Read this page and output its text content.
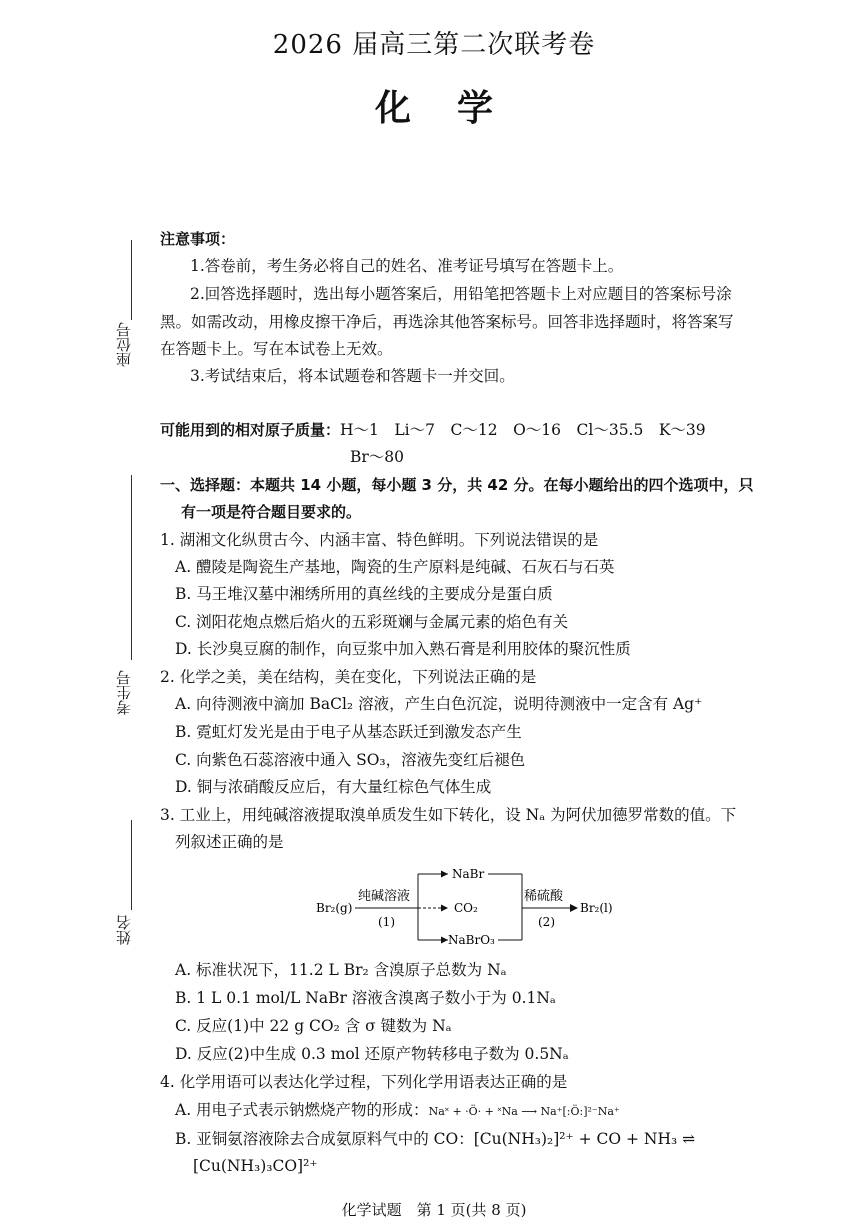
2026 届高三第二次联考卷
化学
座位号
考生号
姓名
注意事项：
1.答卷前，考生务必将自己的姓名、准考证号填写在答题卡上。
2.回答选择题时，选出每小题答案后，用铅笔把答题卡上对应题目的答案标号涂
黑。如需改动，用橡皮擦干净后，再选涂其他答案标号。回答非选择题时，将答案写
在答题卡上。写在本试卷上无效。
3.考试结束后，将本试题卷和答题卡一并交回。
可能用到的相对原子质量：H～1　Li～7　C～12　O～16　Cl～35.5　K～39
Br～80
一、选择题：本题共 14 小题，每小题 3 分，共 42 分。在每小题给出的四个选项中，只
有一项是符合题目要求的。
1. 湖湘文化纵贯古今、内涵丰富、特色鲜明。下列说法错误的是
A. 醴陵是陶瓷生产基地，陶瓷的生产原料是纯碱、石灰石与石英
B. 马王堆汉墓中湘绣所用的真丝线的主要成分是蛋白质
C. 浏阳花炮点燃后焰火的五彩斑斓与金属元素的焰色有关
D. 长沙臭豆腐的制作，向豆浆中加入熟石膏是利用胶体的聚沉性质
2. 化学之美，美在结构，美在变化，下列说法正确的是
A. 向待测液中滴加 BaCl₂ 溶液，产生白色沉淀，说明待测液中一定含有 Ag⁺
B. 霓虹灯发光是由于电子从基态跃迁到激发态产生
C. 向紫色石蕊溶液中通入 SO₃，溶液先变红后褪色
D. 铜与浓硝酸反应后，有大量红棕色气体生成
3. 工业上，用纯碱溶液提取溴单质发生如下转化，设 Nₐ 为阿伏加德罗常数的值。下
列叙述正确的是
Br₂(g)
纯碱溶液
(1)
NaBr
CO₂
NaBrO₃
稀硫酸
(2)
Br₂(l)
A. 标准状况下，11.2 L Br₂ 含溴原子总数为 Nₐ
B. 1 L 0.1 mol/L NaBr 溶液含溴离子数小于为 0.1Nₐ
C. 反应(1)中 22 g CO₂ 含 σ 键数为 Nₐ
D. 反应(2)中生成 0.3 mol 还原产物转移电子数为 0.5Nₐ
4. 化学用语可以表达化学过程，下列化学用语表达正确的是
A. 用电子式表示钠燃烧产物的形成：Na˟ + ·Ö· + ˟Na ⟶ Na⁺[:Ö:]²⁻Na⁺
B. 亚铜氨溶液除去合成氨原料气中的 CO：[Cu(NH₃)₂]²⁺ + CO + NH₃ ⇌
[Cu(NH₃)₃CO]²⁺
化学试题　第 1 页(共 8 页)
